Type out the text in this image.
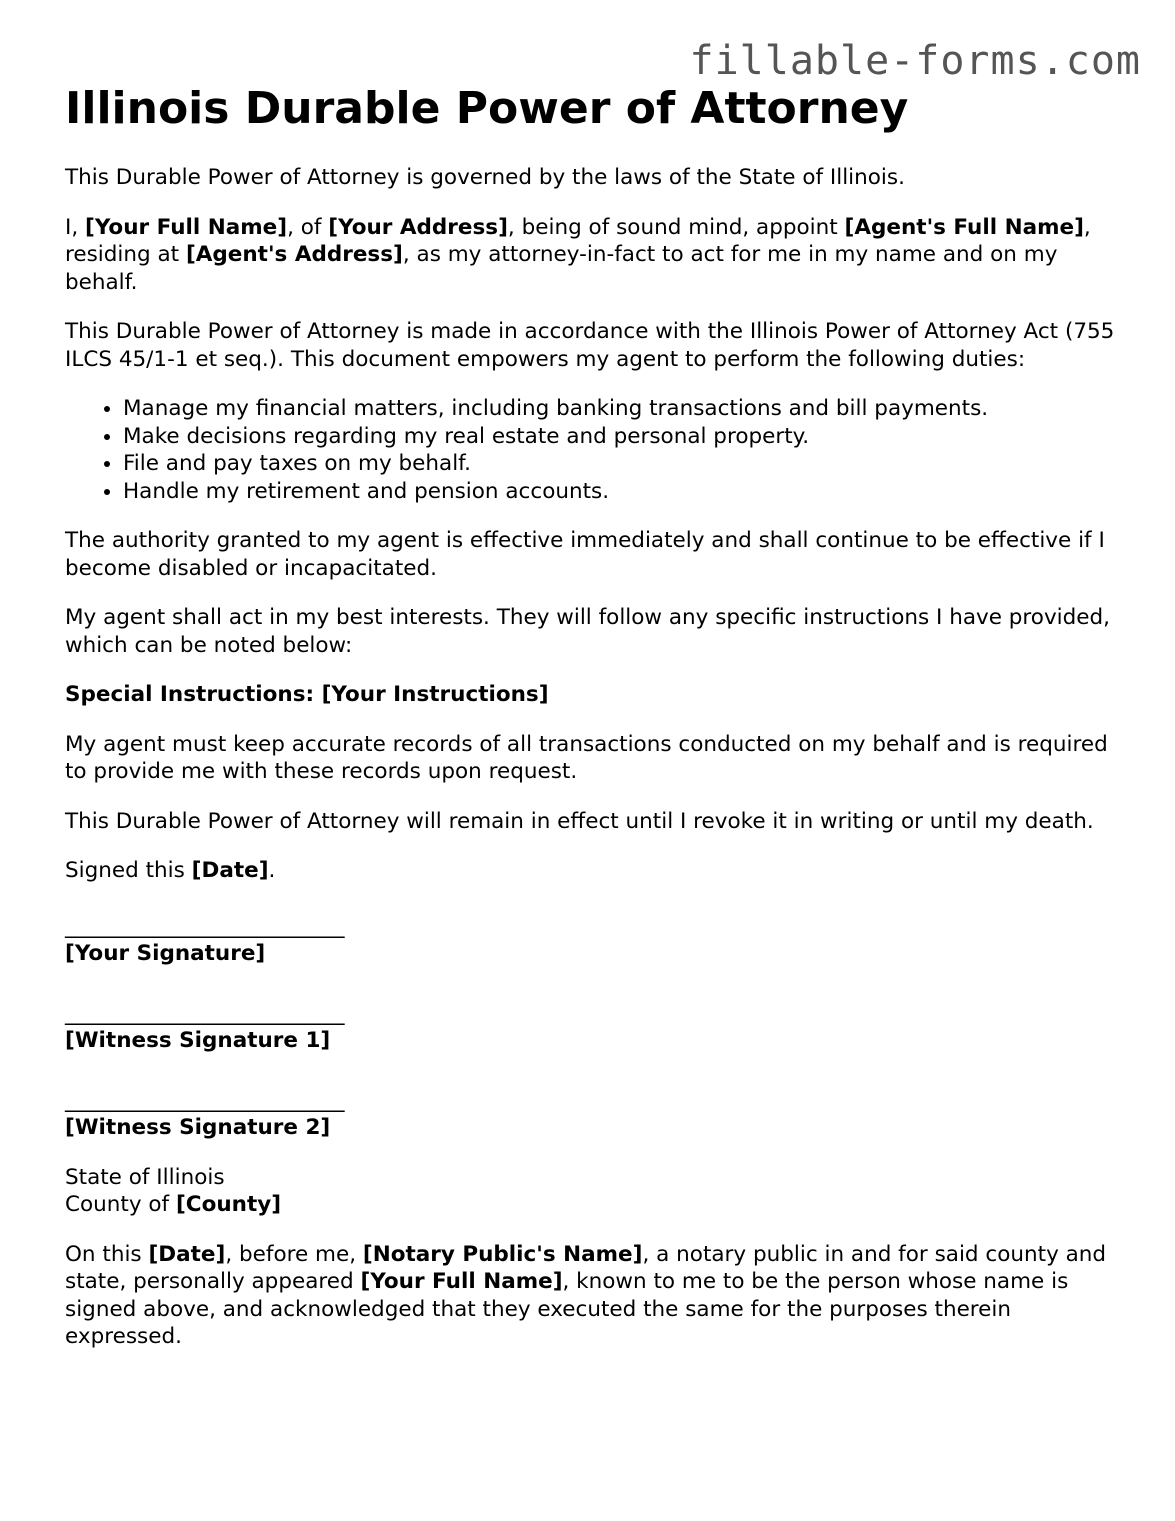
fillable-forms.com
Illinois Durable Power of Attorney

This Durable Power of Attorney is governed by the laws of the State of Illinois.

I, [Your Full Name], of [Your Address], being of sound mind, appoint [Agent's Full Name], residing at [Agent's Address], as my attorney-in-fact to act for me in my name and on my behalf.

This Durable Power of Attorney is made in accordance with the Illinois Power of Attorney Act (755 ILCS 45/1-1 et seq.). This document empowers my agent to perform the following duties:

• Manage my financial matters, including banking transactions and bill payments.
• Make decisions regarding my real estate and personal property.
• File and pay taxes on my behalf.
• Handle my retirement and pension accounts.

The authority granted to my agent is effective immediately and shall continue to be effective if I become disabled or incapacitated.

My agent shall act in my best interests. They will follow any specific instructions I have provided, which can be noted below:

Special Instructions: [Your Instructions]

My agent must keep accurate records of all transactions conducted on my behalf and is required to provide me with these records upon request.

This Durable Power of Attorney will remain in effect until I revoke it in writing or until my death.

Signed this [Date].

__________________________
[Your Signature]
__________________________
[Witness Signature 1]
__________________________
[Witness Signature 2]

State of Illinois
County of [County]

On this [Date], before me, [Notary Public's Name], a notary public in and for said county and state, personally appeared [Your Full Name], known to me to be the person whose name is signed above, and acknowledged that they executed the same for the purposes therein expressed.
